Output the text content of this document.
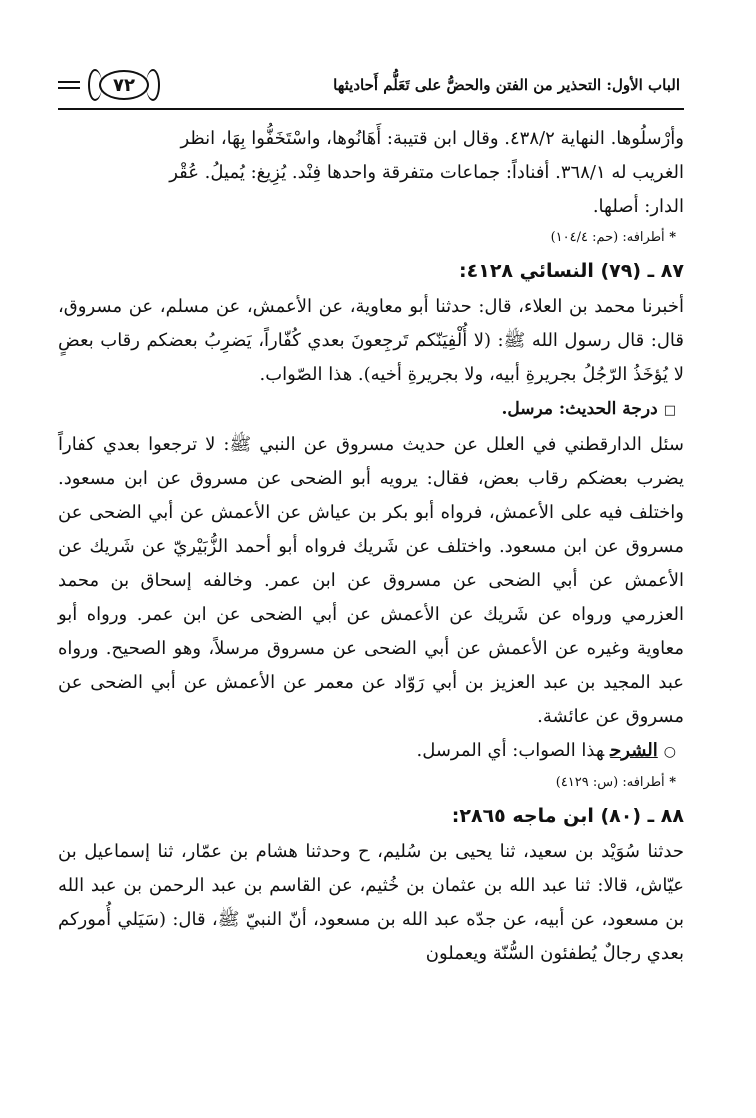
٧٢	الباب الأول: التحذير من الفتن والحضُّ على تَعَلُّم أَحاديثها

وأرْسلُوها. النهاية ٤٣٨/٢. وقال ابن قتيبة: أَهَانُوها، واسْتَخَفُّوا بِهَا، انظر

الغريب له ٣٦٨/١. أفناداً: جماعات متفرقة واحدها فِنْد. يُزِيغ: يُميلُ. عُقْر

الدار: أصلها.

* أطرافه: (حم: ١٠٤/٤)

٨٧ ـ (٧٩) النسائي ٤١٢٨:

أخبرنا محمد بن العلاء، قال: حدثنا أبو معاوية، عن الأعمش، عن مسلم، عن مسروق، قال: قال رسول الله ﷺ: (لا أُلْفِيَنّكم تَرجِعونَ بعدي كُفّاراً، يَضرِبُ بعضكم رقاب بعضٍ لا يُؤخَذُ الرّجُلُ بجريرةِ أبيه، ولا بجريرةِ أخيه). هذا الصّواب.

□درجة الحديث: مرسل.

سئل الدارقطني في العلل عن حديث مسروق عن النبي ﷺ: لا ترجعوا بعدي كفاراً يضرب بعضكم رقاب بعض، فقال: يرويه أبو الضحى عن مسروق عن ابن مسعود. واختلف فيه على الأعمش، فرواه أبو بكر بن عياش عن الأعمش عن أبي الضحى عن مسروق عن ابن مسعود. واختلف عن شَريك فرواه أبو أحمد الزُّبَيْريّ عن شَريك عن الأعمش عن أبي الضحى عن مسروق عن ابن عمر. وخالفه إسحاق بن محمد العزرمي ورواه عن شَريك عن الأعمش عن أبي الضحى عن ابن عمر. ورواه أبو معاوية وغيره عن الأعمش عن أبي الضحى عن مسروق مرسلاً، وهو الصحيح. ورواه عبد المجيد بن عبد العزيز بن أبي رَوّاد عن معمر عن الأعمش عن أبي الضحى عن مسروق عن عائشة.

○الشرحهذا الصواب: أي المرسل.

* أطرافه: (س: ٤١٢٩)

٨٨ ـ (٨٠) ابن ماجه ٢٨٦٥:

حدثنا سُوَيْد بن سعيد، ثنا يحيى بن سُليم، ح وحدثنا هشام بن عمّار، ثنا إسماعيل بن عيّاش، قالا: ثنا عبد الله بن عثمان بن خُثيم، عن القاسم بن عبد الرحمن بن عبد الله بن مسعود، عن أبيه، عن جدّه عبد الله بن مسعود، أنّ النبيّ ﷺ، قال: (سَيَلي أُموركم بعدي رجالٌ يُطفئون السُّنّة ويعملون
